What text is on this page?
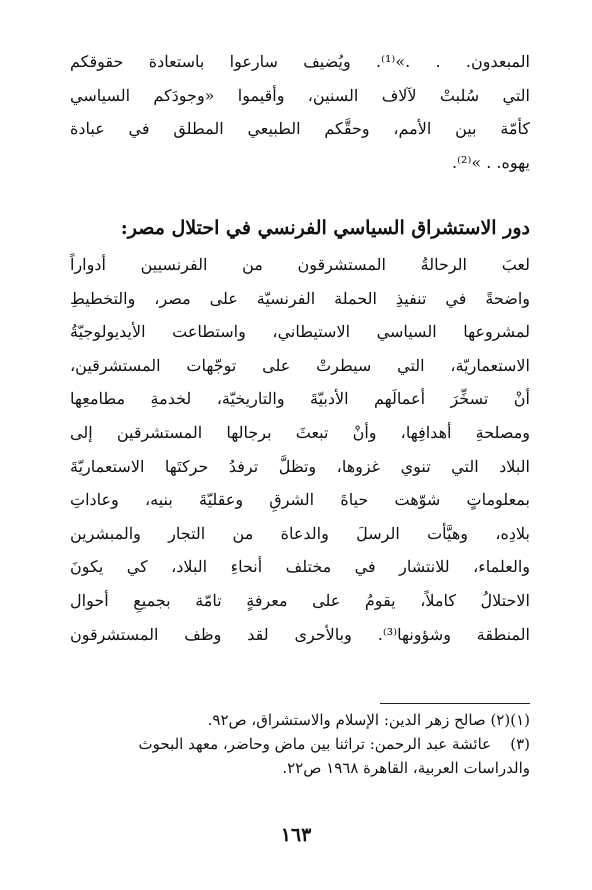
المبعدون. . .»⁽¹⁾. ويُضيف سارعوا باستعادة حقوقكم
التي سُلبتْ لآلاف السنين، وأقيموا «وجودَكم السياسي
كأمّة بين الأمم، وحقَّكم الطبيعي المطلق في عبادة
يهوه. . »⁽²⁾.
دور الاستشراق السياسي الفرنسي في احتلال مصر:
لعبَ الرحالةُ المستشرقون من الفرنسيين أدواراً
واضحةً في تنفيذِ الحملة الفرنسيّة على مصر، والتخطيطِ
لمشروعها السياسي الاستيطاني، واستطاعت الأيديولوجيّةُ
الاستعماريّة، التي سيطرتْ على توجّهات المستشرقين،
أنْ تسخِّرَ أعمالَهم الأدبيّةَ والتاريخيّة، لخدمةِ مطامعِها
ومصلحةِ أهدافِها، وأنْ تبعثَ برجالها المستشرقين إلى
البلاد التي تنوي غزوها، وتظلَّ ترفدُ حركتَها الاستعماريّةَ
بمعلوماتٍ شوّهت حياةَ الشرقِ وعقليّةَ بنيه، وعاداتِ
بلادِه، وهيَّأت الرسلَ والدعاة من التجار والمبشرين
والعلماء، للانتشار في مختلف أنحاءِ البلاد، كي يكونَ
الاحتلالُ كاملاً، يقومُ على معرفةٍ تامّة بجميعِ أحوال
المنطقة وشؤونها⁽³⁾. وبالأحرى لقد وظف المستشرقون
(١)(٢) صالح زهر الدين: الإسلام والاستشراق، ص٩٢.
(٣)    عائشة عبد الرحمن: تراثنا بين ماض وحاضر، معهد البحوث
والدراسات العربية، القاهرة ١٩٦٨ ص٢٢.
١٦٣
